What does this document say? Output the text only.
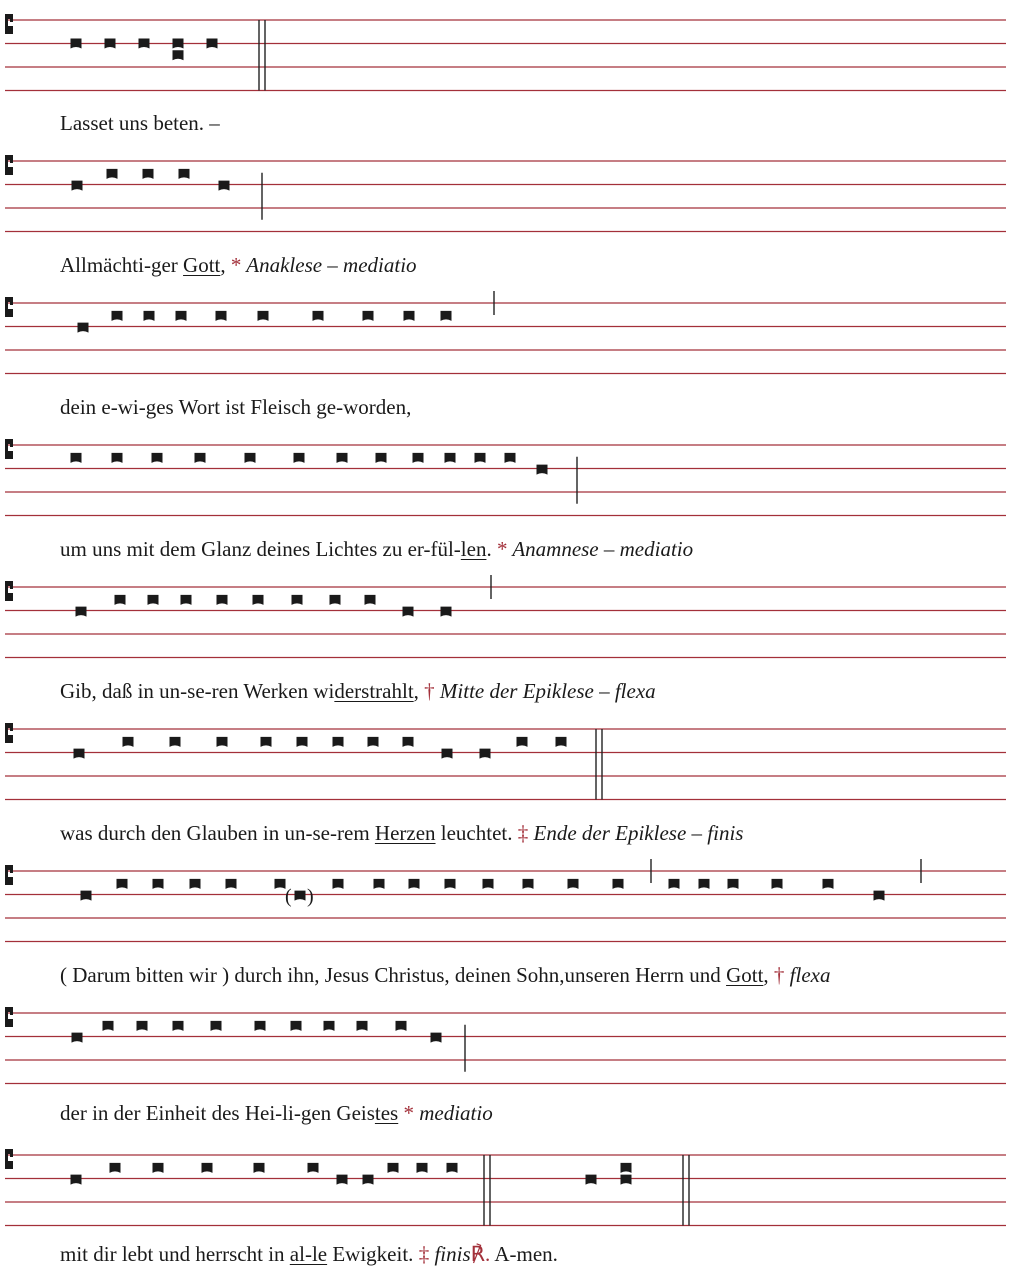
( )
Lasset uns beten. –
Allmächti-ger Gott, * Anaklese – mediatio
dein e-wi-ges Wort ist Fleisch ge-worden,
um uns mit dem Glanz deines Lichtes zu er-fül-len. * Anamnese – mediatio
Gib, daß in un-se-ren Werken widerstrahlt, † Mitte der Epiklese – flexa
was durch den Glauben in un-se-rem Herzen leuchtet. ‡ Ende der Epiklese – finis
( Darum bitten wir ) durch ihn, Jesus Christus, deinen Sohn,unseren Herrn und Gott, † flexa
der in der Einheit des Hei-li-gen Geistes * mediatio
mit dir lebt und herrscht in al-le Ewigkeit. ‡ finis℟. A-men.
